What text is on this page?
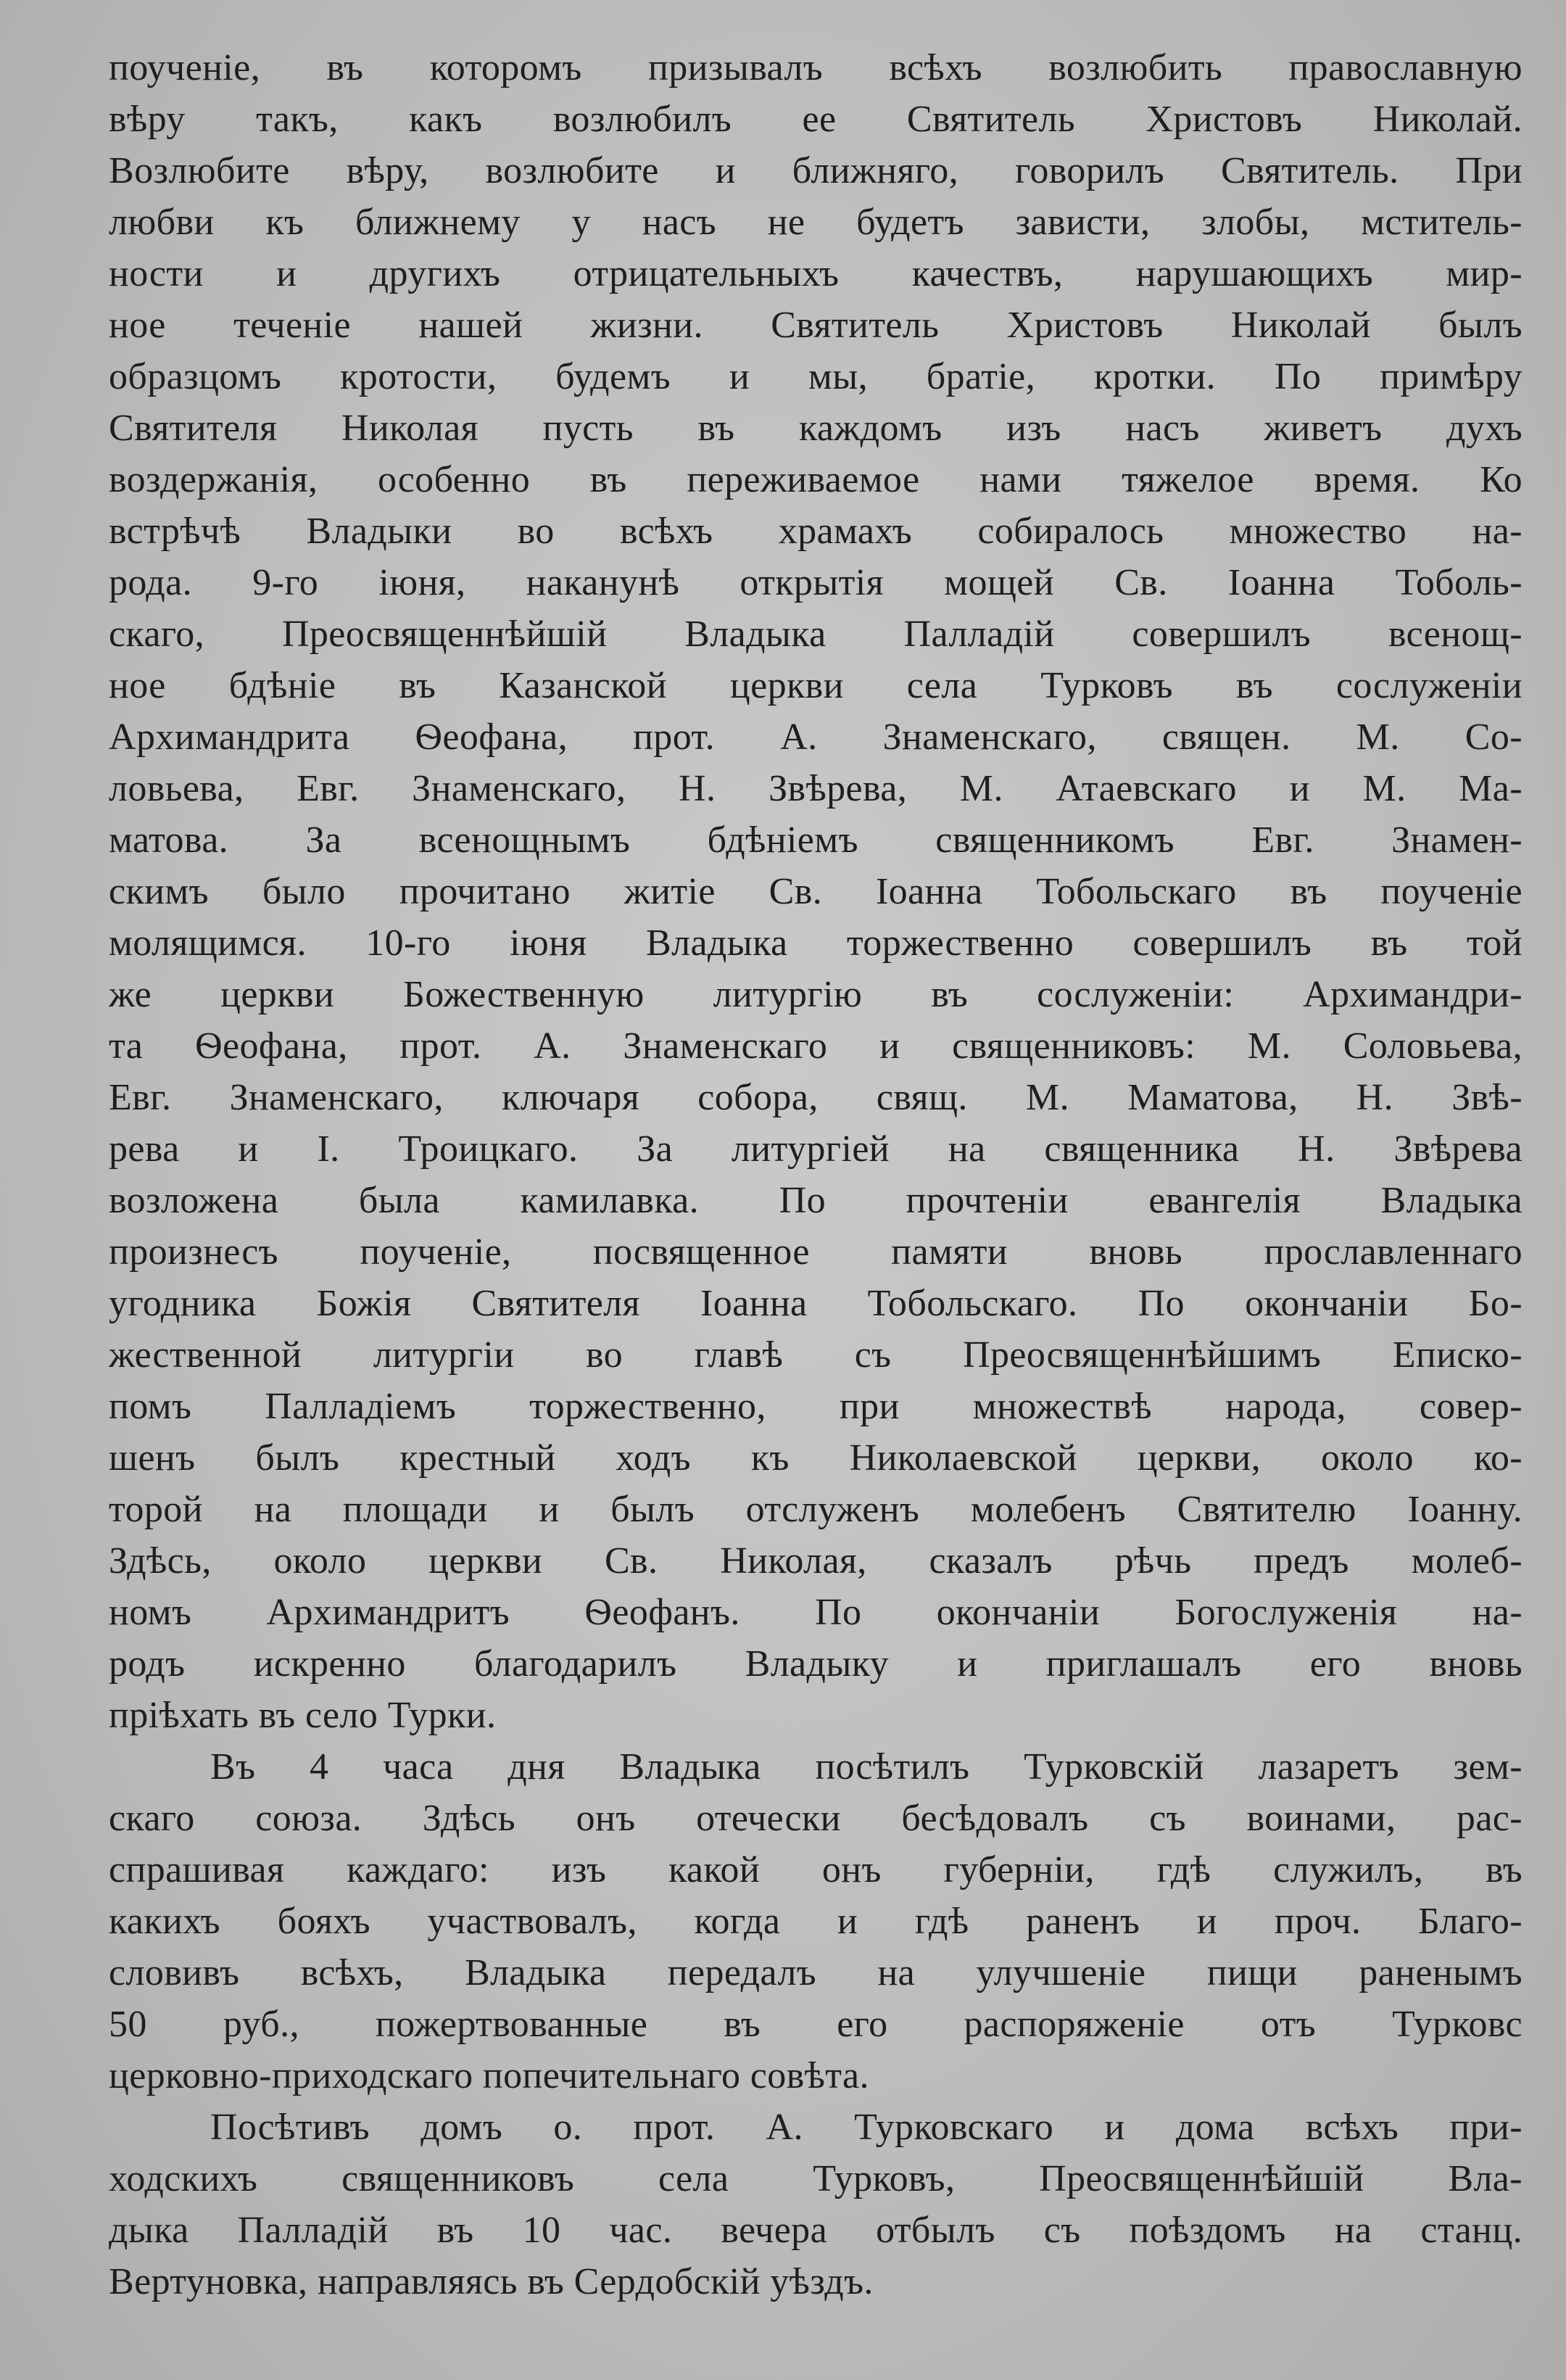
поученіе, въ которомъ призывалъ всѣхъ возлюбить православную
вѣру такъ, какъ возлюбилъ ее Святитель Христовъ Николай.
Возлюбите вѣру, возлюбите и ближняго, говорилъ Святитель. При
любви къ ближнему у насъ не будетъ зависти, злобы, мститель-
ности и другихъ отрицательныхъ качествъ, нарушающихъ мир-
ное теченіе нашей жизни. Святитель Христовъ Николай былъ
образцомъ кротости, будемъ и мы, братіе, кротки. По примѣру
Святителя Николая пусть въ каждомъ изъ насъ живетъ духъ
воздержанія, особенно въ переживаемое нами тяжелое время. Ко
встрѣчѣ Владыки во всѣхъ храмахъ собиралось множество на-
рода. 9-го іюня, наканунѣ открытія мощей Св. Іоанна Тоболь-
скаго, Преосвященнѣйшій Владыка Палладій совершилъ всенощ-
ное бдѣніе въ Казанской церкви села Турковъ въ сослуженіи
Архимандрита Ѳеофана, прот. А. Знаменскаго, священ. М. Со-
ловьева, Евг. Знаменскаго, Н. Звѣрева, М. Атаевскаго и М. Ма-
матова. За всенощнымъ бдѣніемъ священникомъ Евг. Знамен-
скимъ было прочитано житіе Св. Іоанна Тобольскаго въ поученіе
молящимся. 10-го іюня Владыка торжественно совершилъ въ той
же церкви Божественную литургію въ сослуженіи: Архимандри-
та Ѳеофана, прот. А. Знаменскаго и священниковъ: М. Соловьева,
Евг. Знаменскаго, ключаря собора, свящ. М. Маматова, Н. Звѣ-
рева и І. Троицкаго. За литургіей на священника Н. Звѣрева
возложена была камилавка. По прочтеніи евангелія Владыка
произнесъ поученіе, посвященное памяти вновь прославленнаго
угодника Божія Святителя Іоанна Тобольскаго. По окончаніи Бо-
жественной литургіи во главѣ съ Преосвященнѣйшимъ Еписко-
помъ Палладіемъ торжественно, при множествѣ народа, совер-
шенъ былъ крестный ходъ къ Николаевской церкви, около ко-
торой на площади и былъ отслуженъ молебенъ Святителю Іоанну.
Здѣсь, около церкви Св. Николая, сказалъ рѣчь предъ молеб-
номъ Архимандритъ Ѳеофанъ. По окончаніи Богослуженія на-
родъ искренно благодарилъ Владыку и приглашалъ его вновь
пріѣхать въ село Турки.
Въ 4 часа дня Владыка посѣтилъ Турковскій лазаретъ зем-
скаго союза. Здѣсь онъ отечески бесѣдовалъ съ воинами, рас-
спрашивая каждаго: изъ какой онъ губерніи, гдѣ служилъ, въ
какихъ бояхъ участвовалъ, когда и гдѣ раненъ и проч. Благо-
словивъ всѣхъ, Владыка передалъ на улучшеніе пищи раненымъ
50 руб., пожертвованные въ его распоряженіе отъ Турковс
церковно-приходскаго попечительнаго совѣта.
Посѣтивъ домъ о. прот. А. Турковскаго и дома всѣхъ при-
ходскихъ священниковъ села Турковъ, Преосвященнѣйшій Вла-
дыка Палладій въ 10 час. вечера отбылъ съ поѣздомъ на станц.
Вертуновка, направляясь въ Сердобскій уѣздъ.
